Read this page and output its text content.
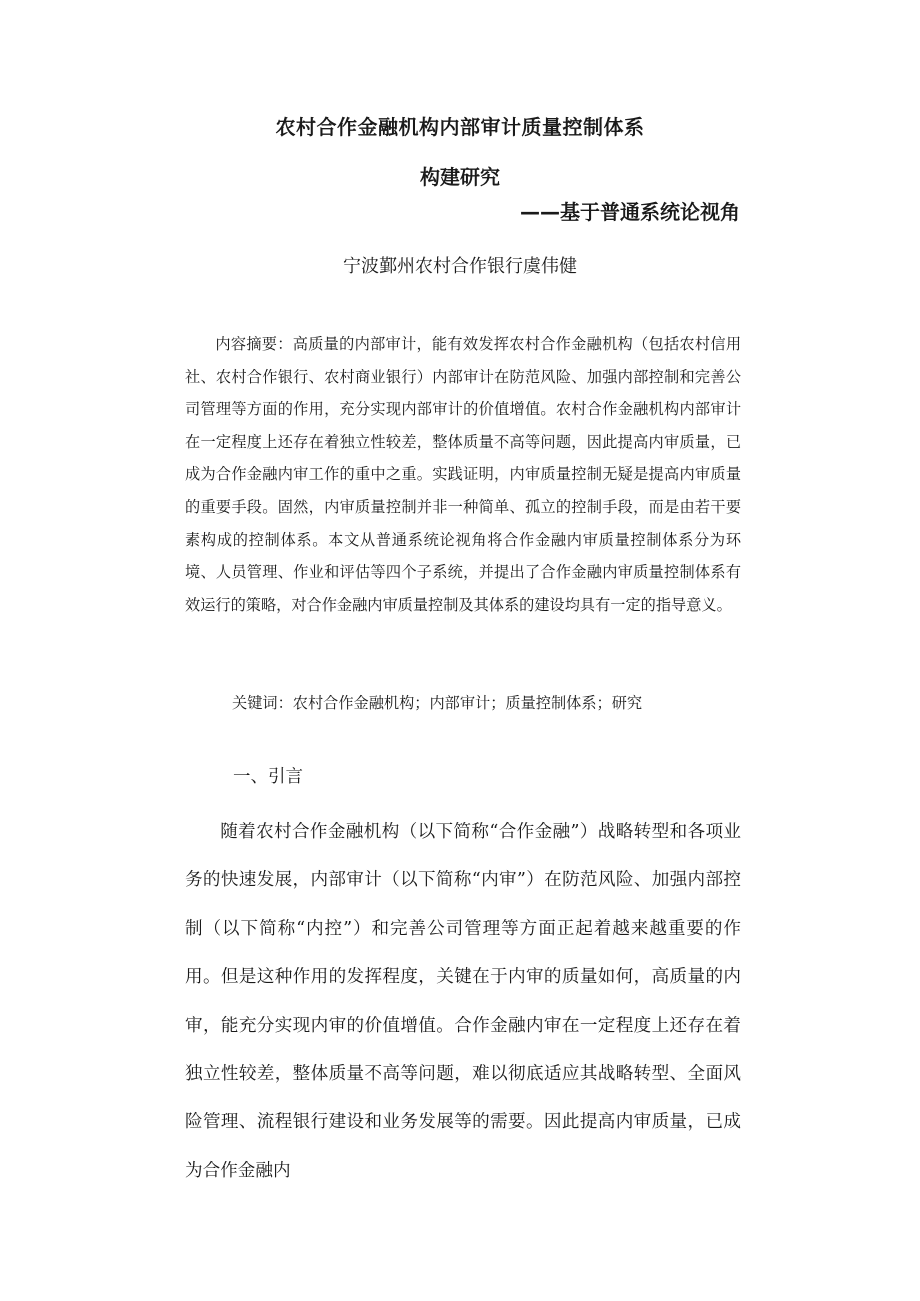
农村合作金融机构内部审计质量控制体系
构建研究
——基于普通系统论视角
宁波鄞州农村合作银行虞伟健

内容摘要：高质量的内部审计，能有效发挥农村合作金融机构（包括农村信用社、农村合作银行、农村商业银行）内部审计在防范风险、加强内部控制和完善公司管理等方面的作用，充分实现内部审计的价值增值。农村合作金融机构内部审计在一定程度上还存在着独立性较差，整体质量不高等问题，因此提高内审质量，已成为合作金融内审工作的重中之重。实践证明，内审质量控制无疑是提高内审质量的重要手段。固然，内审质量控制并非一种简单、孤立的控制手段，而是由若干要素构成的控制体系。本文从普通系统论视角将合作金融内审质量控制体系分为环境、人员管理、作业和评估等四个子系统，并提出了合作金融内审质量控制体系有效运行的策略，对合作金融内审质量控制及其体系的建设均具有一定的指导意义。

关键词：农村合作金融机构；内部审计；质量控制体系；研究

一、引言

随着农村合作金融机构（以下简称“合作金融”）战略转型和各项业务的快速发展，内部审计（以下简称“内审”）在防范风险、加强内部控制（以下简称“内控”）和完善公司管理等方面正起着越来越重要的作用。但是这种作用的发挥程度，关键在于内审的质量如何，高质量的内审，能充分实现内审的价值增值。合作金融内审在一定程度上还存在着独立性较差，整体质量不高等问题，难以彻底适应其战略转型、全面风险管理、流程银行建设和业务发展等的需要。因此提高内审质量，已成为合作金融内
